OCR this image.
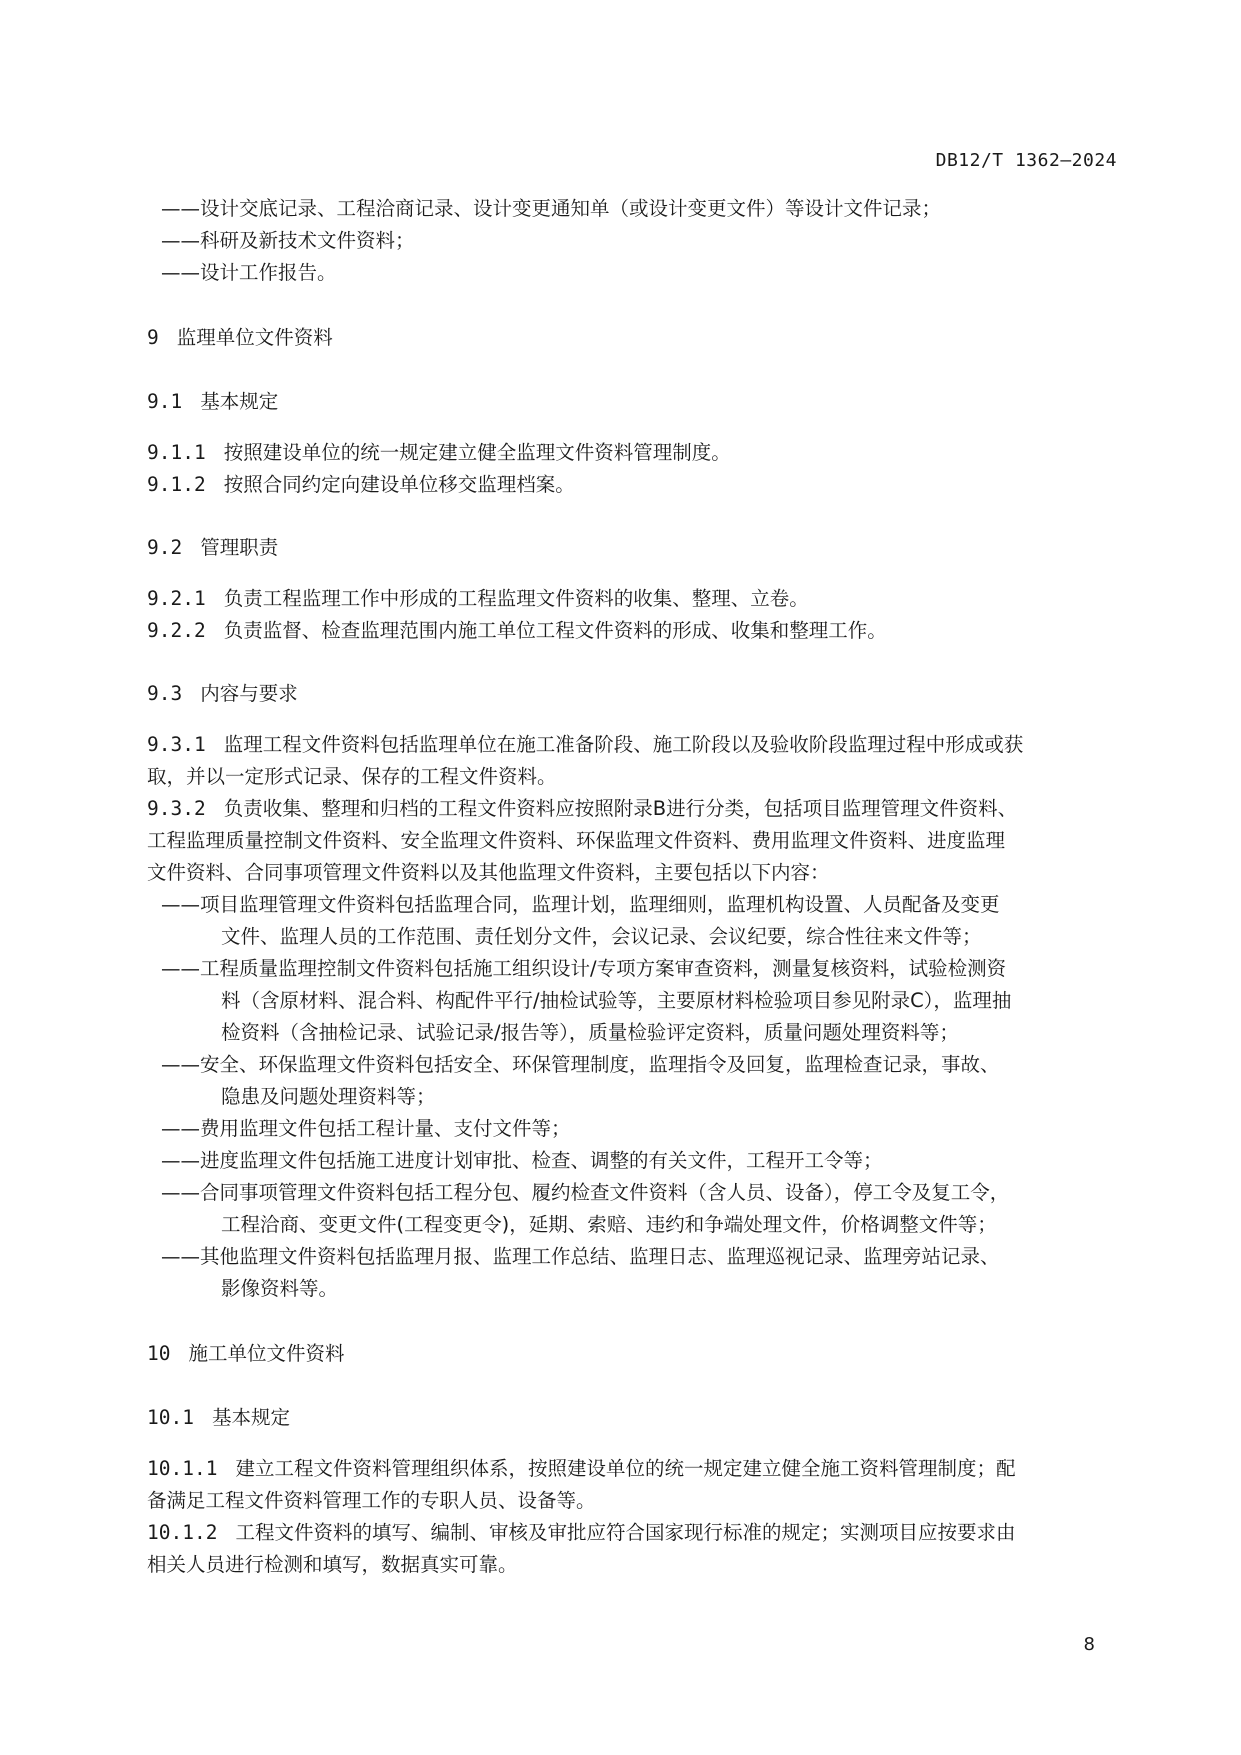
DB12/T 1362—2024
——设计交底记录、工程洽商记录、设计变更通知单（或设计变更文件）等设计文件记录；
——科研及新技术文件资料；
——设计工作报告。
9 监理单位文件资料
9.1 基本规定
9.1.1 按照建设单位的统一规定建立健全监理文件资料管理制度。
9.1.2 按照合同约定向建设单位移交监理档案。
9.2 管理职责
9.2.1 负责工程监理工作中形成的工程监理文件资料的收集、整理、立卷。
9.2.2 负责监督、检查监理范围内施工单位工程文件资料的形成、收集和整理工作。
9.3 内容与要求
9.3.1 监理工程文件资料包括监理单位在施工准备阶段、施工阶段以及验收阶段监理过程中形成或获
取，并以一定形式记录、保存的工程文件资料。
9.3.2 负责收集、整理和归档的工程文件资料应按照附录B进行分类，包括项目监理管理文件资料、
工程监理质量控制文件资料、安全监理文件资料、环保监理文件资料、费用监理文件资料、进度监理
文件资料、合同事项管理文件资料以及其他监理文件资料，主要包括以下内容：
——项目监理管理文件资料包括监理合同，监理计划，监理细则，监理机构设置、人员配备及变更
文件、监理人员的工作范围、责任划分文件，会议记录、会议纪要，综合性往来文件等；
——工程质量监理控制文件资料包括施工组织设计/专项方案审查资料，测量复核资料，试验检测资
料（含原材料、混合料、构配件平行/抽检试验等，主要原材料检验项目参见附录C），监理抽
检资料（含抽检记录、试验记录/报告等），质量检验评定资料，质量问题处理资料等；
——安全、环保监理文件资料包括安全、环保管理制度，监理指令及回复，监理检查记录，事故、
隐患及问题处理资料等；
——费用监理文件包括工程计量、支付文件等；
——进度监理文件包括施工进度计划审批、检查、调整的有关文件，工程开工令等；
——合同事项管理文件资料包括工程分包、履约检查文件资料（含人员、设备），停工令及复工令，
工程洽商、变更文件(工程变更令)，延期、索赔、违约和争端处理文件，价格调整文件等；
——其他监理文件资料包括监理月报、监理工作总结、监理日志、监理巡视记录、监理旁站记录、
影像资料等。
10 施工单位文件资料
10.1 基本规定
10.1.1 建立工程文件资料管理组织体系，按照建设单位的统一规定建立健全施工资料管理制度；配
备满足工程文件资料管理工作的专职人员、设备等。
10.1.2 工程文件资料的填写、编制、审核及审批应符合国家现行标准的规定；实测项目应按要求由
相关人员进行检测和填写，数据真实可靠。
8
